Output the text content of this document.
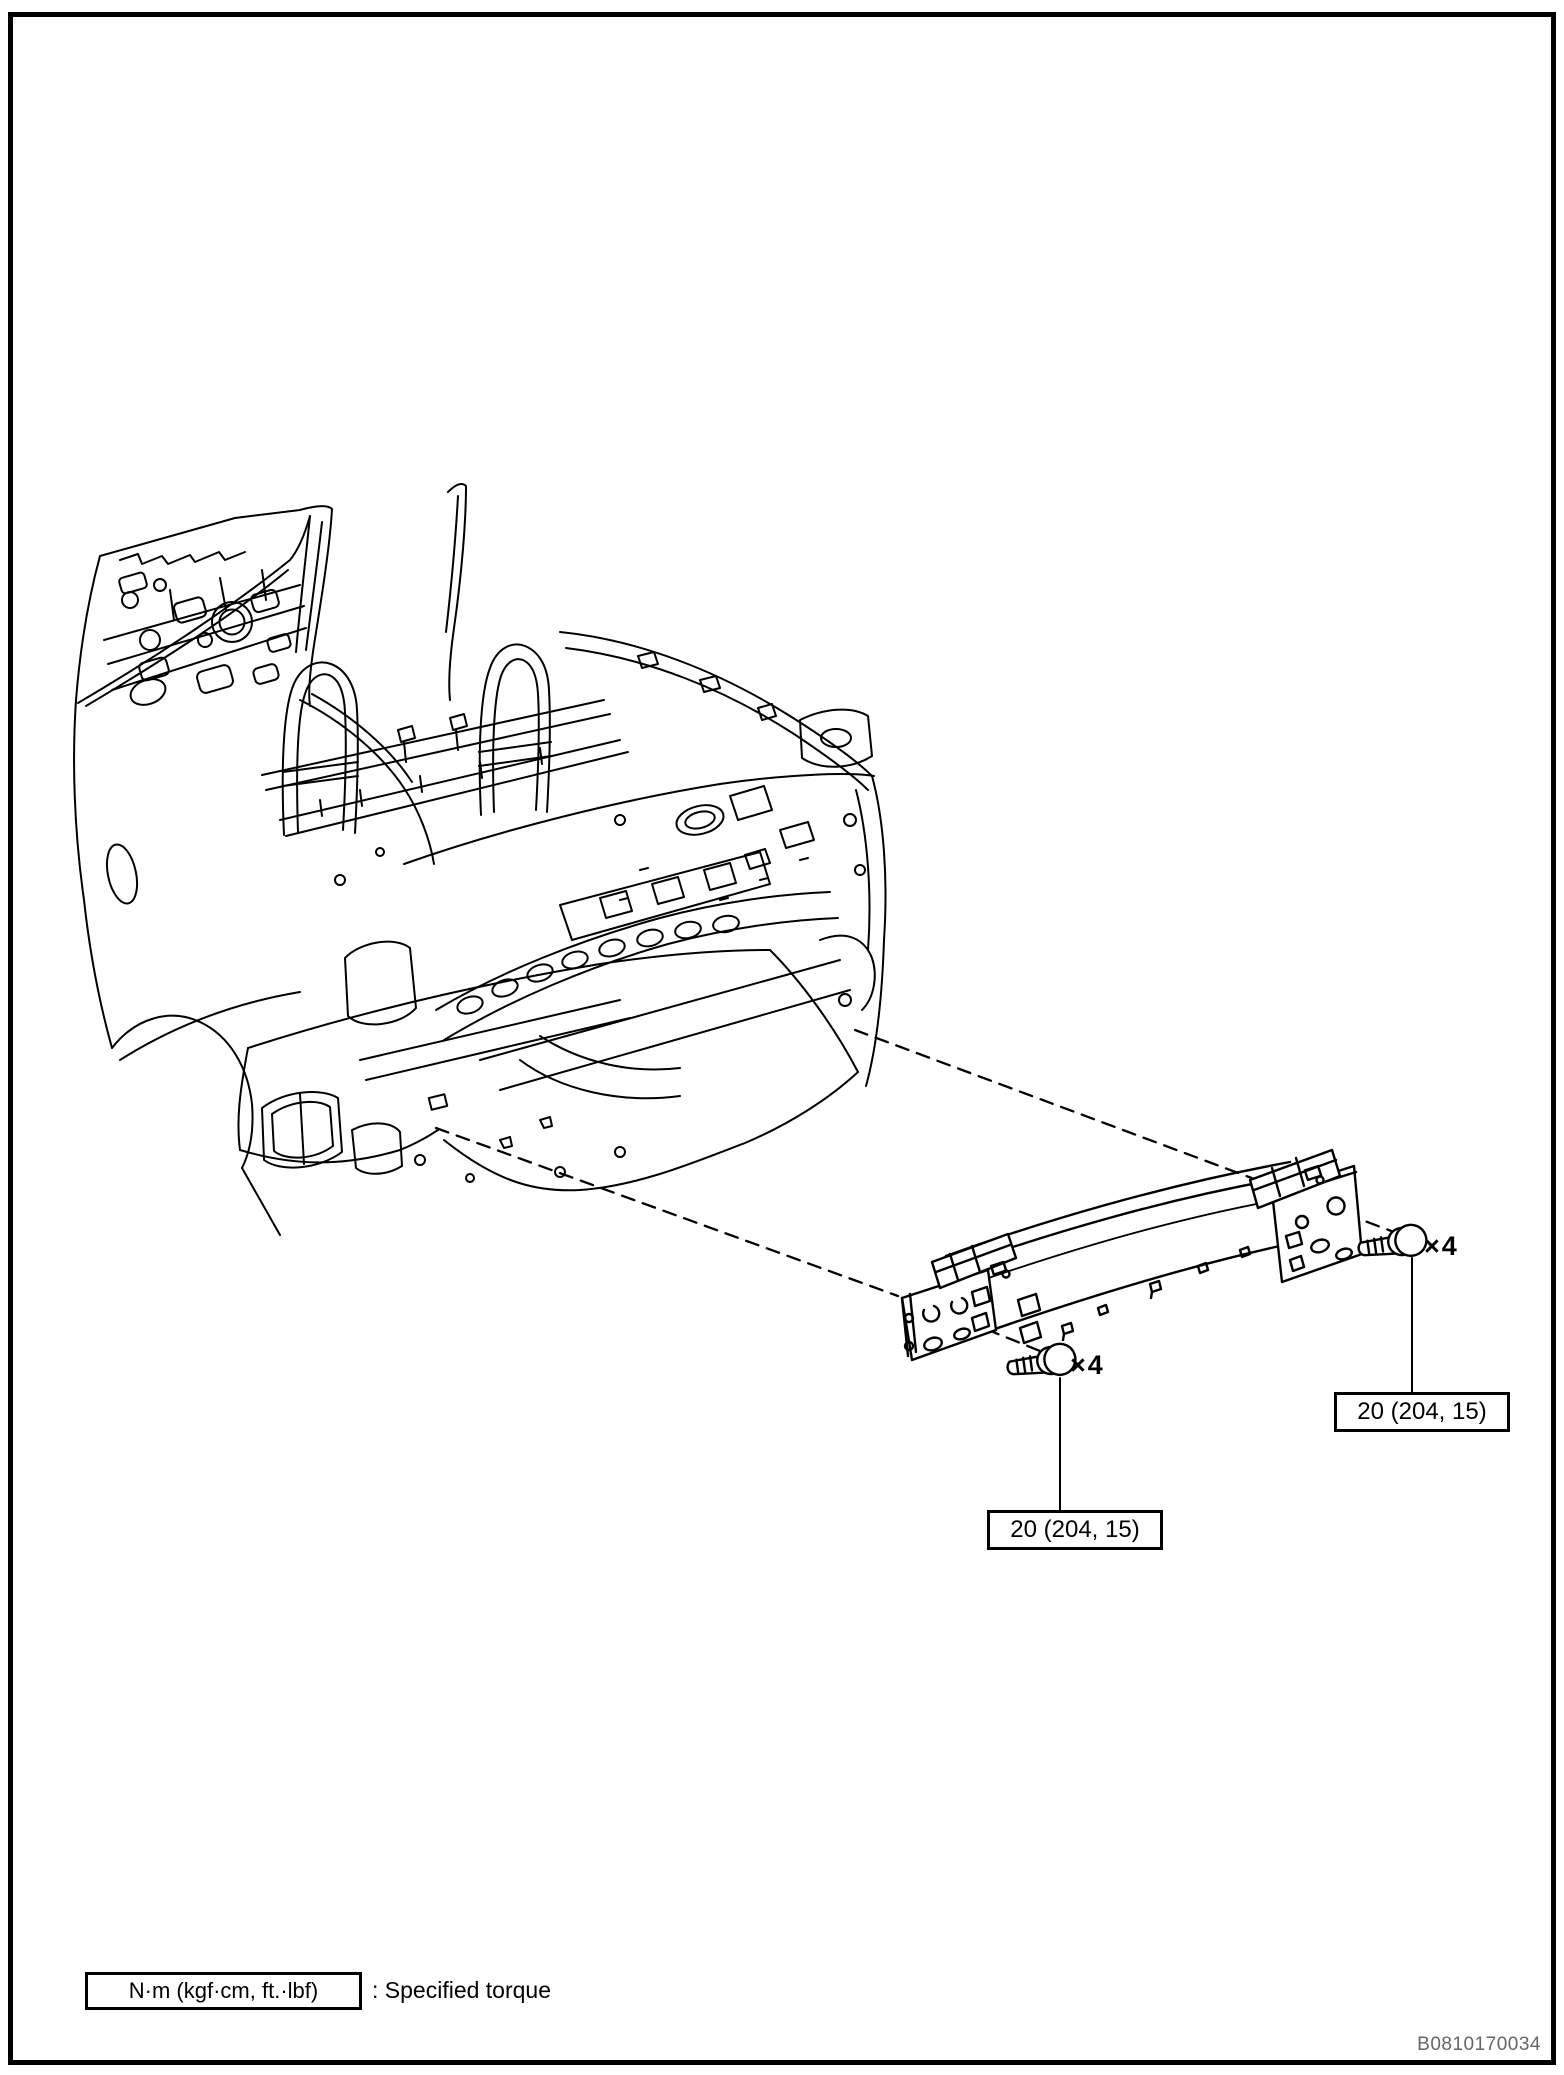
×4
×4
20 (204, 15)
20 (204, 15)
N·m (kgf·cm, ft.·lbf) : Specified torque
B0810170034
